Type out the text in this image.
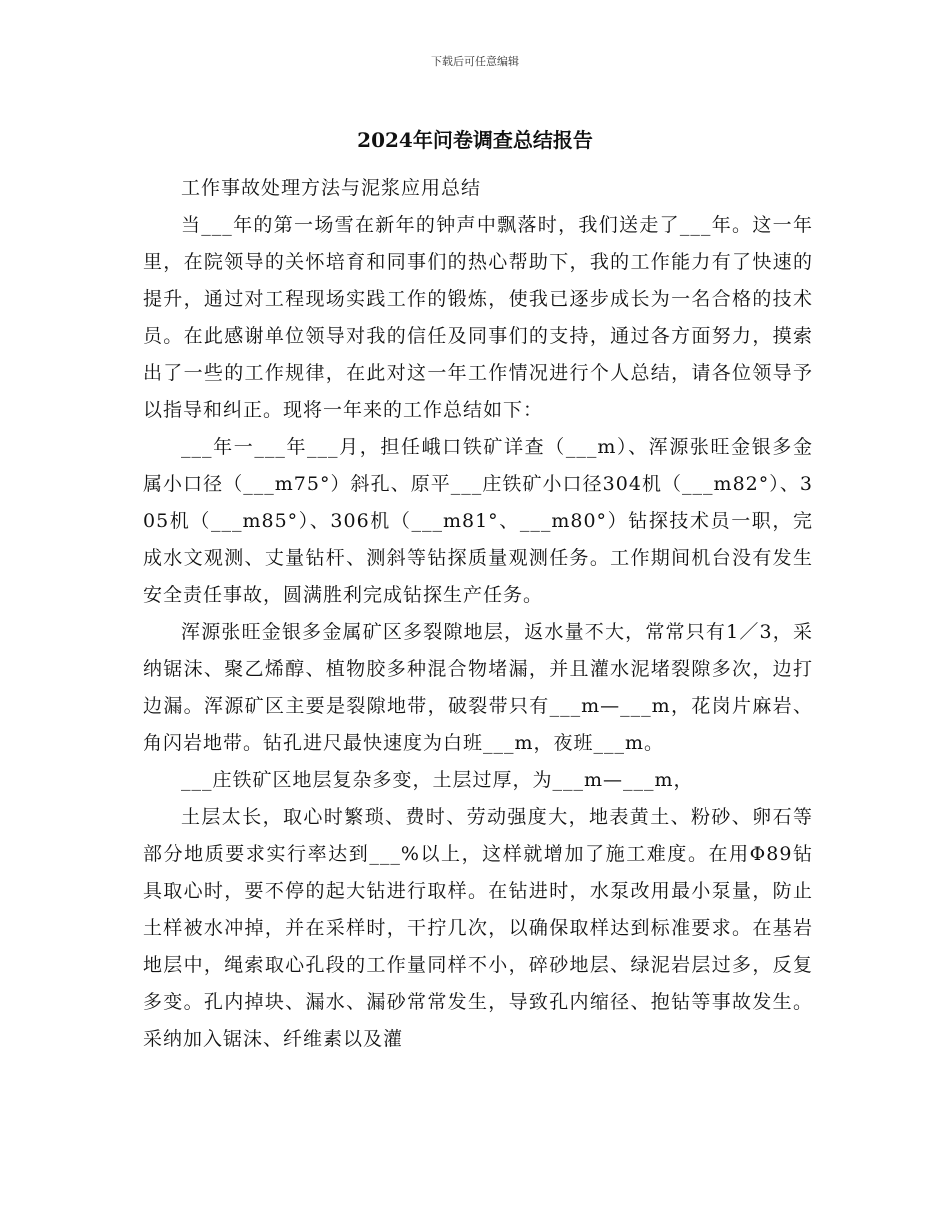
下载后可任意编辑
2024年问卷调查总结报告

工作事故处理方法与泥浆应用总结

当___年的第一场雪在新年的钟声中飘落时，我们送走了___年。这一年里，在院领导的关怀培育和同事们的热心帮助下，我的工作能力有了快速的提升，通过对工程现场实践工作的锻炼，使我已逐步成长为一名合格的技术员。在此感谢单位领导对我的信任及同事们的支持，通过各方面努力，摸索出了一些的工作规律，在此对这一年工作情况进行个人总结，请各位领导予以指导和纠正。现将一年来的工作总结如下：

___年一___年___月，担任峨口铁矿详查（___m）、浑源张旺金银多金属小口径（___m75°）斜孔、原平___庄铁矿小口径304机（___m82°）、305机（___m85°）、306机（___m81°、___m80°）钻探技术员一职，完成水文观测、丈量钻杆、测斜等钻探质量观测任务。工作期间机台没有发生安全责任事故，圆满胜利完成钻探生产任务。

浑源张旺金银多金属矿区多裂隙地层，返水量不大，常常只有1／3，采纳锯沫、聚乙烯醇、植物胶多种混合物堵漏，并且灌水泥堵裂隙多次，边打边漏。浑源矿区主要是裂隙地带，破裂带只有___m—___m，花岗片麻岩、角闪岩地带。钻孔进尺最快速度为白班___m，夜班___m。

___庄铁矿区地层复杂多变，土层过厚，为___m—___m，

土层太长，取心时繁琐、费时、劳动强度大，地表黄土、粉砂、卵石等部分地质要求实行率达到___%以上，这样就增加了施工难度。在用Φ89钻具取心时，要不停的起大钻进行取样。在钻进时，水泵改用最小泵量，防止土样被水冲掉，并在采样时，干拧几次，以确保取样达到标准要求。在基岩地层中，绳索取心孔段的工作量同样不小，碎砂地层、绿泥岩层过多，反复多变。孔内掉块、漏水、漏砂常常发生，导致孔内缩径、抱钻等事故发生。采纳加入锯沫、纤维素以及灌
